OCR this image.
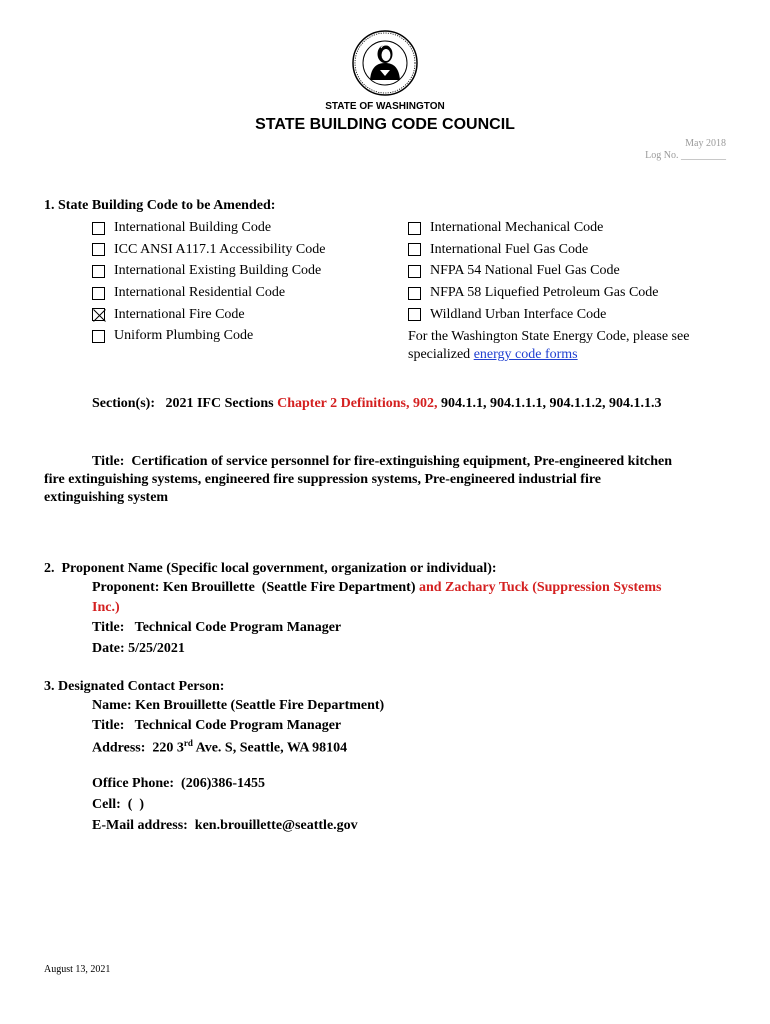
STATE OF WASHINGTON
STATE BUILDING CODE COUNCIL
May 2018
Log No. _________
1. State Building Code to be Amended:
International Building Code
ICC ANSI A117.1 Accessibility Code
International Existing Building Code
International Residential Code
International Fire Code
Uniform Plumbing Code
International Mechanical Code
International Fuel Gas Code
NFPA 54 National Fuel Gas Code
NFPA 58 Liquefied Petroleum Gas Code
Wildland Urban Interface Code
For the Washington State Energy Code, please see
specialized energy code forms
Section(s):   2021 IFC Sections Chapter 2 Definitions, 902, 904.1.1, 904.1.1.1, 904.1.1.2, 904.1.1.3
Title:  Certification of service personnel for fire-extinguishing equipment, Pre-engineered kitchen
fire extinguishing systems, engineered fire suppression systems, Pre-engineered industrial fire
extinguishing system
2.  Proponent Name (Specific local government, organization or individual):
Proponent: Ken Brouillette  (Seattle Fire Department) and Zachary Tuck (Suppression Systems
Inc.)
Title:   Technical Code Program Manager
Date: 5/25/2021
3. Designated Contact Person:
Name: Ken Brouillette (Seattle Fire Department)
Title:   Technical Code Program Manager
Address:  220 3rd Ave. S, Seattle, WA 98104
Office Phone:  (206)386-1455
Cell:  (  )
E-Mail address:  ken.brouillette@seattle.gov
August 13, 2021
